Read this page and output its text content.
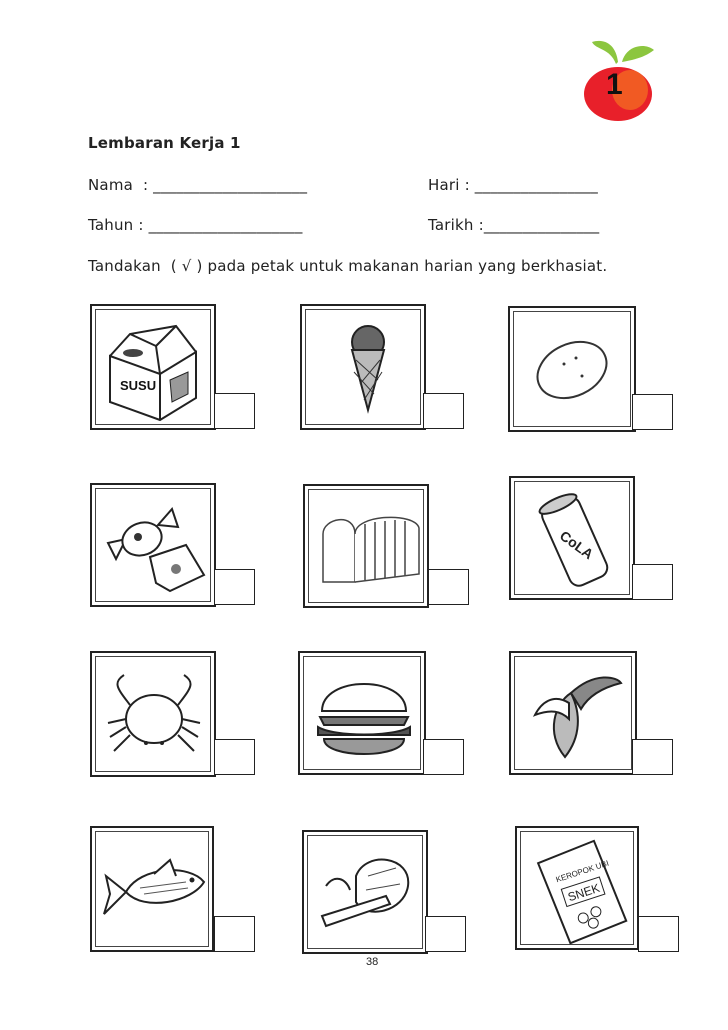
1
Lembaran Kerja 1
Nama  : ____________________	Hari : ________________
Tahun : ____________________	Tarikh :_______________
Tandakan  ( √ ) pada petak untuk makanan harian yang berkhasiat.
SUSU
CoLA
KEROPOK UBI
SNEK
38
